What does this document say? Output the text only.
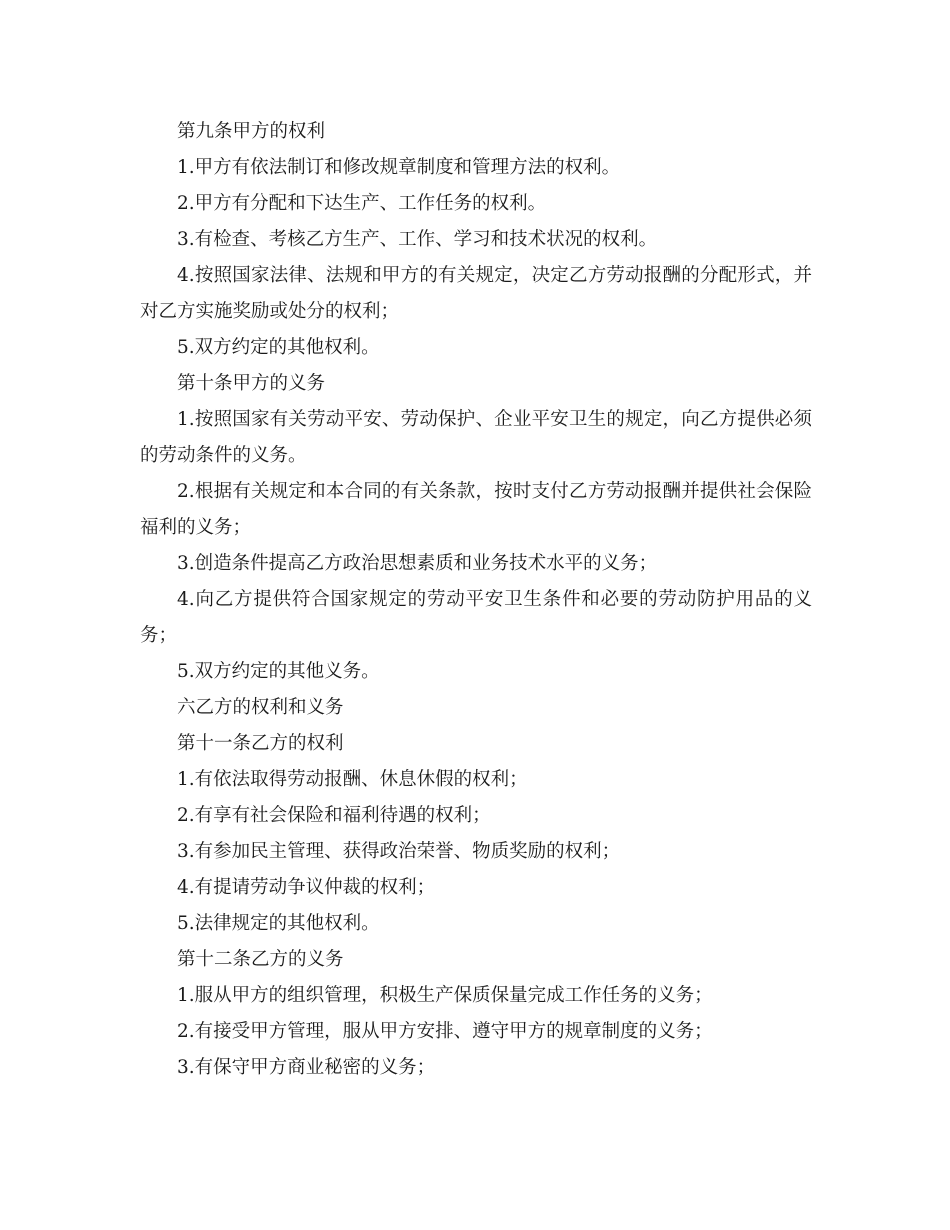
第九条甲方的权利

1.甲方有依法制订和修改规章制度和管理方法的权利。

2.甲方有分配和下达生产、工作任务的权利。

3.有检查、考核乙方生产、工作、学习和技术状况的权利。

4.按照国家法律、法规和甲方的有关规定，决定乙方劳动报酬的分配形式，并对乙方实施奖励或处分的权利；

5.双方约定的其他权利。

第十条甲方的义务

1.按照国家有关劳动平安、劳动保护、企业平安卫生的规定，向乙方提供必须的劳动条件的义务。

2.根据有关规定和本合同的有关条款，按时支付乙方劳动报酬并提供社会保险福利的义务；

3.创造条件提高乙方政治思想素质和业务技术水平的义务；

4.向乙方提供符合国家规定的劳动平安卫生条件和必要的劳动防护用品的义务；

5.双方约定的其他义务。

六乙方的权利和义务

第十一条乙方的权利

1.有依法取得劳动报酬、休息休假的权利；

2.有享有社会保险和福利待遇的权利；

3.有参加民主管理、获得政治荣誉、物质奖励的权利；

4.有提请劳动争议仲裁的权利；

5.法律规定的其他权利。

第十二条乙方的义务

1.服从甲方的组织管理，积极生产保质保量完成工作任务的义务；

2.有接受甲方管理，服从甲方安排、遵守甲方的规章制度的义务；

3.有保守甲方商业秘密的义务；
